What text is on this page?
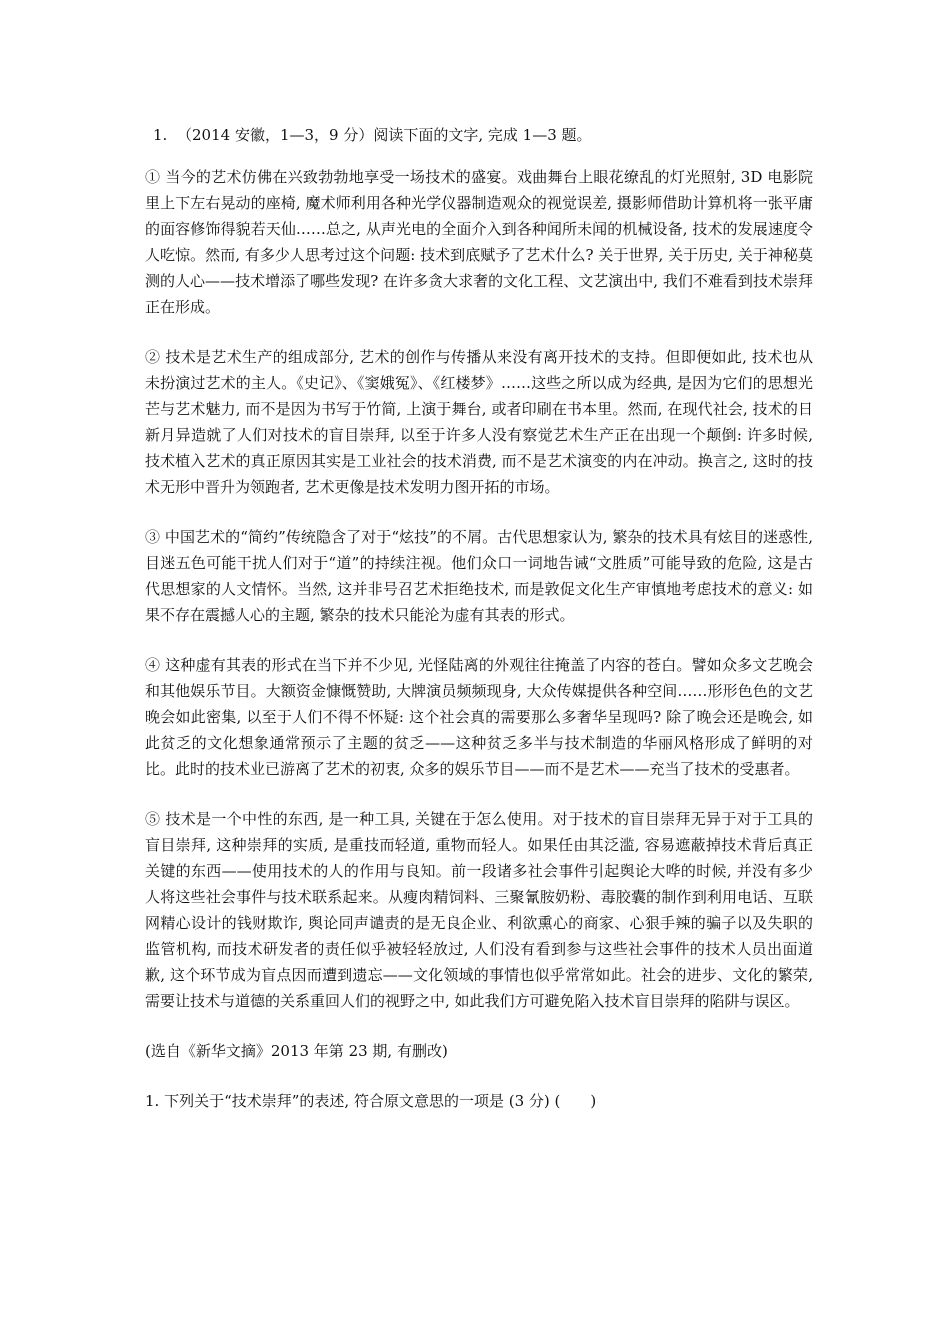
1. （2014 安徽，1—3，9 分）阅读下面的文字, 完成 1—3 题。

① 当今的艺术仿佛在兴致勃勃地享受一场技术的盛宴。戏曲舞台上眼花缭乱的灯光照射, 3D 电影院里上下左右晃动的座椅, 魔术师利用各种光学仪器制造观众的视觉误差, 摄影师借助计算机将一张平庸的面容修饰得貌若天仙……总之, 从声光电的全面介入到各种闻所未闻的机械设备, 技术的发展速度令人吃惊。然而, 有多少人思考过这个问题: 技术到底赋予了艺术什么? 关于世界, 关于历史, 关于神秘莫测的人心——技术增添了哪些发现? 在许多贪大求奢的文化工程、文艺演出中, 我们不难看到技术崇拜正在形成。

② 技术是艺术生产的组成部分, 艺术的创作与传播从来没有离开技术的支持。但即便如此, 技术也从未扮演过艺术的主人。《史记》、《窦娥冤》、《红楼梦》……这些之所以成为经典, 是因为它们的思想光芒与艺术魅力, 而不是因为书写于竹简, 上演于舞台, 或者印刷在书本里。然而, 在现代社会, 技术的日新月异造就了人们对技术的盲目崇拜, 以至于许多人没有察觉艺术生产正在出现一个颠倒: 许多时候, 技术植入艺术的真正原因其实是工业社会的技术消费, 而不是艺术演变的内在冲动。换言之, 这时的技术无形中晋升为领跑者, 艺术更像是技术发明力图开拓的市场。

③ 中国艺术的“简约”传统隐含了对于“炫技”的不屑。古代思想家认为, 繁杂的技术具有炫目的迷惑性, 目迷五色可能干扰人们对于“道”的持续注视。他们众口一词地告诫“文胜质”可能导致的危险, 这是古代思想家的人文情怀。当然, 这并非号召艺术拒绝技术, 而是敦促文化生产审慎地考虑技术的意义: 如果不存在震撼人心的主题, 繁杂的技术只能沦为虚有其表的形式。

④ 这种虚有其表的形式在当下并不少见, 光怪陆离的外观往往掩盖了内容的苍白。譬如众多文艺晚会和其他娱乐节目。大额资金慷慨赞助, 大牌演员频频现身, 大众传媒提供各种空间……形形色色的文艺晚会如此密集, 以至于人们不得不怀疑: 这个社会真的需要那么多奢华呈现吗? 除了晚会还是晚会, 如此贫乏的文化想象通常预示了主题的贫乏——这种贫乏多半与技术制造的华丽风格形成了鲜明的对比。此时的技术业已游离了艺术的初衷, 众多的娱乐节目——而不是艺术——充当了技术的受惠者。

⑤ 技术是一个中性的东西, 是一种工具, 关键在于怎么使用。对于技术的盲目崇拜无异于对于工具的盲目崇拜, 这种崇拜的实质, 是重技而轻道, 重物而轻人。如果任由其泛滥, 容易遮蔽掉技术背后真正关键的东西——使用技术的人的作用与良知。前一段诸多社会事件引起舆论大哗的时候, 并没有多少人将这些社会事件与技术联系起来。从瘦肉精饲料、三聚氰胺奶粉、毒胶囊的制作到利用电话、互联网精心设计的钱财欺诈, 舆论同声谴责的是无良企业、利欲熏心的商家、心狠手辣的骗子以及失职的监管机构, 而技术研发者的责任似乎被轻轻放过, 人们没有看到参与这些社会事件的技术人员出面道歉, 这个环节成为盲点因而遭到遗忘——文化领域的事情也似乎常常如此。社会的进步、文化的繁荣, 需要让技术与道德的关系重回人们的视野之中, 如此我们方可避免陷入技术盲目崇拜的陷阱与误区。

(选自《新华文摘》2013 年第 23 期, 有删改)

1. 下列关于“技术崇拜”的表述, 符合原文意思的一项是 (3 分) (　　)
